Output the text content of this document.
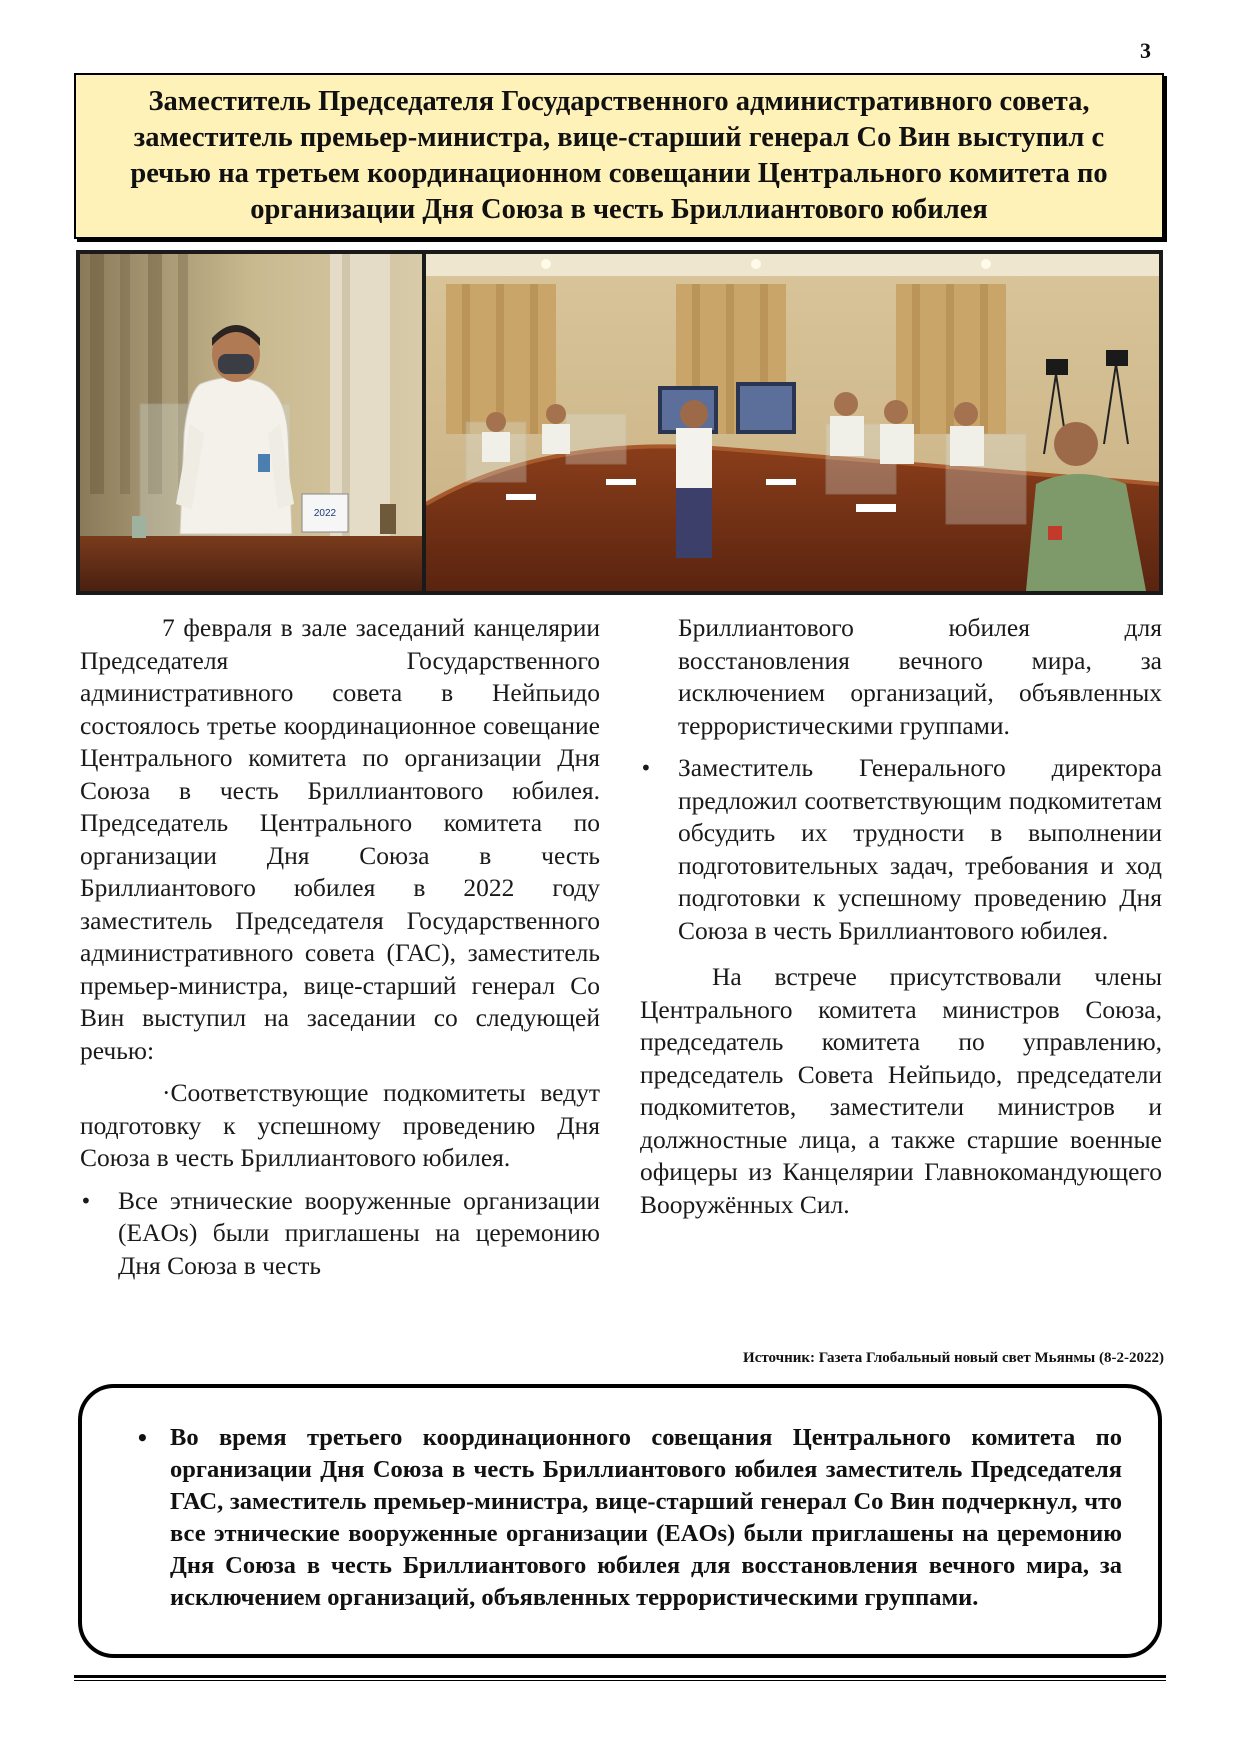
3
Заместитель Председателя Государственного административного совета, заместитель премьер-министра, вице-старший генерал Со Вин выступил с речью на третьем координационном совещании Центрального комитета по организации Дня Союза в честь Бриллиантового юбилея
2022

7 февраля в зале заседаний канцелярии Председателя Государственного административного совета в Нейпьидо состоялось третье координационное совещание Центрального комитета по организации Дня Союза в честь Бриллиантового юбилея. Председатель Центрального комитета по организации Дня Союза в честь Бриллиантового юбилея в 2022 году заместитель Председателя Государственного административного совета (ГАС), заместитель премьер-министра, вице-старший генерал Со Вин выступил на заседании со следующей речью:

·Соответствующие подкомитеты ведут подготовку к успешному проведению Дня Союза в честь Бриллиантового юбилея.

• Все этнические вооруженные организации (EAOs) были приглашены на церемонию Дня Союза в честь

Бриллиантового юбилея для восстановления вечного мира, за исключением организаций, объявленных террористическими группами.

• Заместитель Генерального директора предложил соответствующим подкомитетам обсудить их трудности в выполнении подготовительных задач, требования и ход подготовки к успешному проведению Дня Союза в честь Бриллиантового юбилея.

На встрече присутствовали члены Центрального комитета министров Союза, председатель комитета по управлению, председатель Совета Нейпьидо, председатели подкомитетов, заместители министров и должностные лица, а также старшие военные офицеры из Канцелярии Главнокомандующего Вооружённых Сил.

Источник: Газета Глобальный новый свет Мьянмы (8-2-2022)
• Во время третьего координационного совещания Центрального комитета по организации Дня Союза в честь Бриллиантового юбилея заместитель Председателя ГАС, заместитель премьер-министра, вице-старший генерал Со Вин подчеркнул, что все этнические вооруженные организации (EAOs) были приглашены на церемонию Дня Союза в честь Бриллиантового юбилея для восстановления вечного мира, за исключением организаций, объявленных террористическими группами.
